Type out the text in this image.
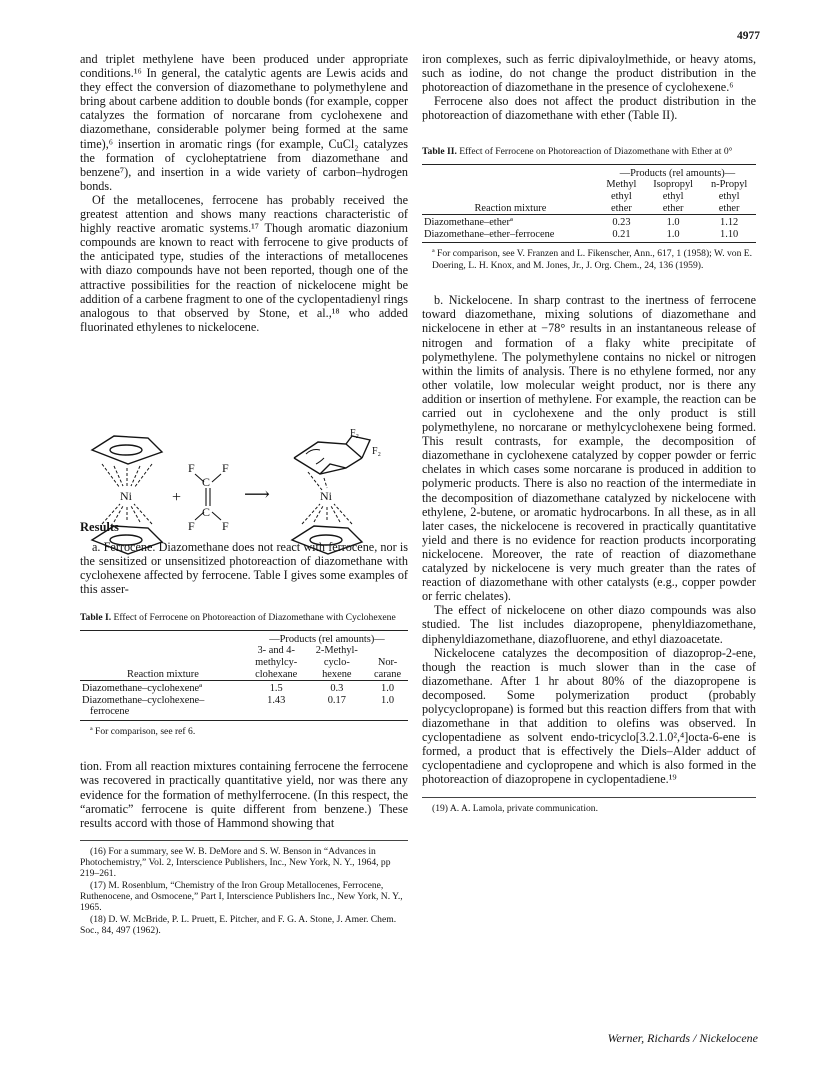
4977

and triplet methylene have been produced under appropriate conditions.¹⁶ In general, the catalytic agents are Lewis acids and they effect the conversion of diazomethane to polymethylene and bring about carbene addition to double bonds (for example, copper catalyzes the formation of norcarane from cyclohexene and diazomethane, considerable polymer being formed at the same time),⁶ insertion in aromatic rings (for example, CuCl₂ catalyzes the formation of cycloheptatriene from diazomethane and benzene⁷), and insertion in a wide variety of carbon–hydrogen bonds.

Of the metallocenes, ferrocene has probably received the greatest attention and shows many reactions characteristic of highly reactive aromatic systems.¹⁷ Though aromatic diazonium compounds are known to react with ferrocene to give products of the anticipated type, studies of the interactions of metallocenes with diazo compounds have not been reported, though one of the attractive possibilities for the reaction of nickelocene might be addition of a carbene fragment to one of the cyclopentadienyl rings analogous to that observed by Stone, et al.,¹⁸ who added fluorinated ethylenes to nickelocene.

Results

a. Ferrocene. Diazomethane does not react with ferrocene, nor is the sensitized or unsensitized photoreaction of diazomethane with cyclohexene affected by ferrocene. Table I gives some examples of this asser-

Table I. Effect of Ferrocene on Photoreaction of Diazomethane with Cyclohexene
	—Products (rel amounts)—		
	3- and 4-	2-Methyl-	
	methylcy-	cyclo-	Nor-
Reaction mixture	clohexane	hexene	carane
Diazomethane–cyclohexeneª	1.5	0.3	1.0
Diazomethane–cyclohexene–	1.43	0.17	1.0
ferrocene			
ª For comparison, see ref 6.

tion. From all reaction mixtures containing ferrocene the ferrocene was recovered in practically quantitative yield, nor was there any evidence for the formation of methylferrocene. (In this respect, the “aromatic” ferrocene is quite different from benzene.) These results accord with those of Hammond showing that

(16) For a summary, see W. B. DeMore and S. W. Benson in “Advances in Photochemistry,” Vol. 2, Interscience Publishers, Inc., New York, N. Y., 1964, pp 219–261.

(17) M. Rosenblum, “Chemistry of the Iron Group Metallocenes, Ferrocene, Ruthenocene, and Osmocene,” Part I, Interscience Publishers Inc., New York, N. Y., 1965.

(18) D. W. McBride, P. L. Pruett, E. Pitcher, and F. G. A. Stone, J. Amer. Chem. Soc., 84, 497 (1962).

Ni	+
C
C
F F
F F
⟶	Ni
F₂
F₂

iron complexes, such as ferric dipivaloylmethide, or heavy atoms, such as iodine, do not change the product distribution in the photoreaction of diazomethane in the presence of cyclohexene.⁶

Ferrocene also does not affect the product distribution in the photoreaction of diazomethane with ether (Table II).

Table II. Effect of Ferrocene on Photoreaction of Diazomethane with Ether at 0°
	—Products (rel amounts)—		
	Methyl	Isopropyl	n-Propyl
	ethyl	ethyl	ethyl
Reaction mixture	ether	ether	ether
Diazomethane–etherª	0.23	1.0	1.12
Diazomethane–ether–ferrocene	0.21	1.0	1.10
ª For comparison, see V. Franzen and L. Fikenscher, Ann., 617, 1 (1958); W. von E. Doering, L. H. Knox, and M. Jones, Jr., J. Org. Chem., 24, 136 (1959).

b. Nickelocene. In sharp contrast to the inertness of ferrocene toward diazomethane, mixing solutions of diazomethane and nickelocene in ether at −78° results in an instantaneous release of nitrogen and formation of a flaky white precipitate of polymethylene. The polymethylene contains no nickel or nitrogen within the limits of analysis. There is no ethylene formed, nor any other volatile, low molecular weight product, nor is there any addition or insertion of methylene. For example, the reaction can be carried out in cyclohexene and the only product is still polymethylene, no norcarane or methylcyclohexene being formed. This result contrasts, for example, the decomposition of diazomethane in cyclohexene catalyzed by copper powder or ferric chelates in which cases some norcarane is produced in addition to polymeric products. There is also no reaction of the intermediate in the decomposition of diazomethane catalyzed by nickelocene with ethylene, 2-butene, or aromatic hydrocarbons. In all these, as in all later cases, the nickelocene is recovered in practically quantitative yield and there is no evidence for reaction products incorporating nickelocene. Moreover, the rate of reaction of diazomethane catalyzed by nickelocene is very much greater than the rates of reaction of diazomethane with other catalysts (e.g., copper powder or ferric chelates).

The effect of nickelocene on other diazo compounds was also studied. The list includes diazopropene, phenyldiazomethane, diphenyldiazomethane, diazofluorene, and ethyl diazoacetate.

Nickelocene catalyzes the decomposition of diazoprop-2-ene, though the reaction is much slower than in the case of diazomethane. After 1 hr about 80% of the diazopropene is decomposed. Some polymerization product (probably polycyclopropane) is formed but this reaction differs from that with diazomethane in that addition to olefins was observed. In cyclopentadiene as solvent endo-tricyclo[3.2.1.0²,⁴]octa-6-ene is formed, a product that is effectively the Diels–Alder adduct of cyclopentadiene and cyclopropene and which is also formed in the photoreaction of diazopropene in cyclopentadiene.¹⁹

(19) A. A. Lamola, private communication.

Werner, Richards / Nickelocene
